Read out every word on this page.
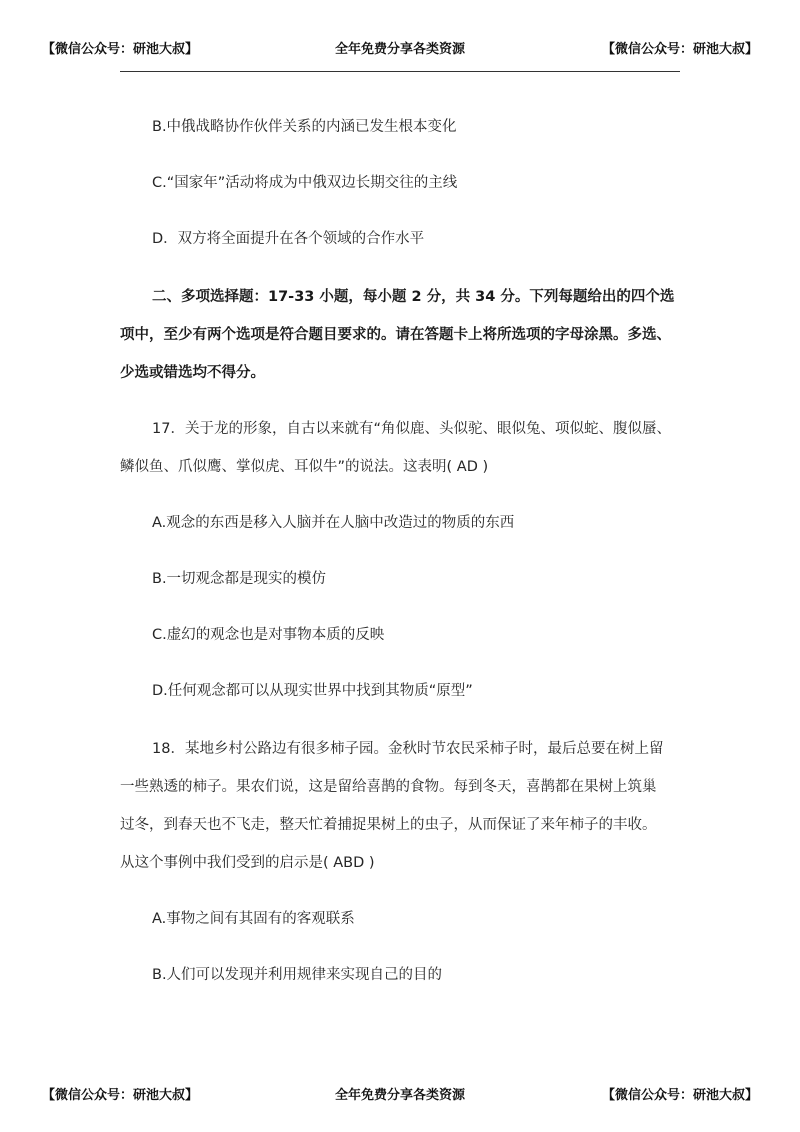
【微信公众号：研池大叔】	全年免费分享各类资源	【微信公众号：研池大叔】
B.中俄战略协作伙伴关系的内涵已发生根本变化
C.“国家年”活动将成为中俄双边长期交往的主线
D．双方将全面提升在各个领域的合作水平
二、多项选择题：17-33 小题，每小题 2 分，共 34 分。下列每题给出的四个选
项中，至少有两个选项是符合题目要求的。请在答题卡上将所选项的字母涂黑。多选、
少选或错选均不得分。
17．关于龙的形象，自古以来就有“角似鹿、头似驼、眼似兔、项似蛇、腹似蜃、
鳞似鱼、爪似鹰、掌似虎、耳似牛”的说法。这表明( AD )
A.观念的东西是移入人脑并在人脑中改造过的物质的东西
B.一切观念都是现实的模仿
C.虚幻的观念也是对事物本质的反映
D.任何观念都可以从现实世界中找到其物质“原型”
18．某地乡村公路边有很多柿子园。金秋时节农民采柿子时，最后总要在树上留
一些熟透的柿子。果农们说，这是留给喜鹊的食物。每到冬天，喜鹊都在果树上筑巢
过冬，到春天也不飞走，整天忙着捕捉果树上的虫子，从而保证了来年柿子的丰收。
从这个事例中我们受到的启示是( ABD )
A.事物之间有其固有的客观联系
B.人们可以发现并利用规律来实现自己的目的
【微信公众号：研池大叔】	全年免费分享各类资源	【微信公众号：研池大叔】
